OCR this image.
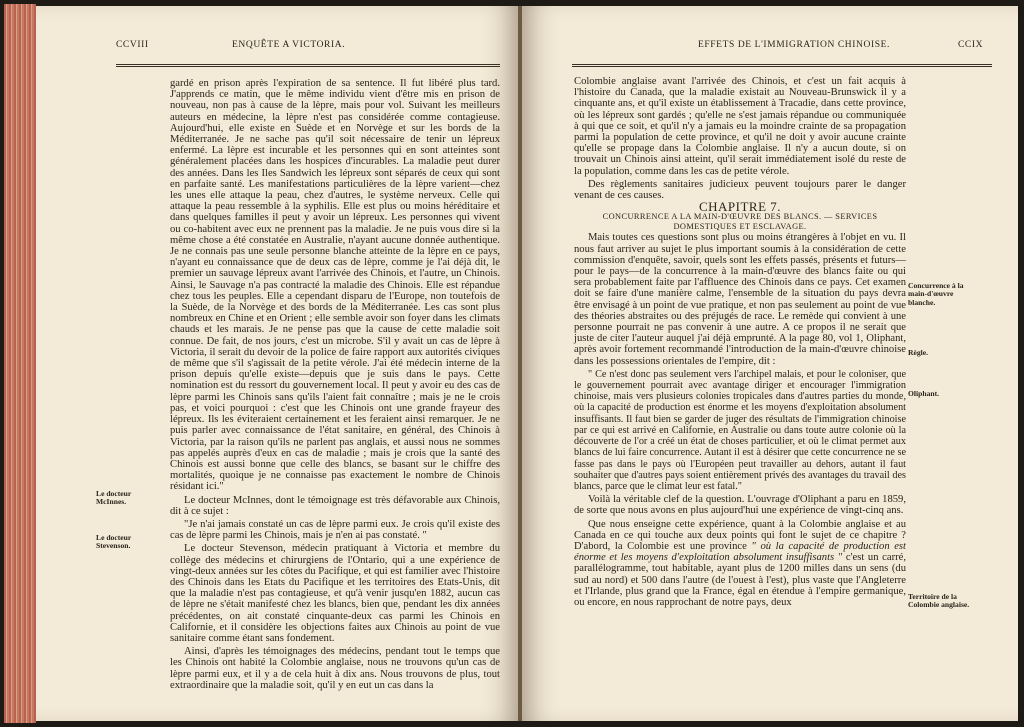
CCVIII	ENQUÊTE A VICTORIA.
Le docteur McInnes.
Le docteur Stevenson.

gardé en prison après l'expiration de sa sentence. Il fut libéré plus tard. J'apprends ce matin, que le même individu vient d'être mis en prison de nouveau, non pas à cause de la lèpre, mais pour vol. Suivant les meilleurs auteurs en médecine, la lèpre n'est pas considérée comme contagieuse. Aujourd'hui, elle existe en Suède et en Norvège et sur les bords de la Méditerranée. Je ne sache pas qu'il soit nécessaire de tenir un lépreux enfermé. La lèpre est incurable et les personnes qui en sont atteintes sont généralement placées dans les hospices d'incurables. La maladie peut durer des années. Dans les Iles Sandwich les lépreux sont séparés de ceux qui sont en parfaite santé. Les manifestations particulières de la lèpre varient—chez les unes elle attaque la peau, chez d'autres, le système nerveux. Celle qui attaque la peau ressemble à la syphilis. Elle est plus ou moins héréditaire et dans quelques familles il peut y avoir un lépreux. Les personnes qui vivent ou co-habitent avec eux ne prennent pas la maladie. Je ne puis vous dire si la même chose a été constatée en Australie, n'ayant aucune donnée authentique. Je ne connais pas une seule personne blanche atteinte de la lèpre en ce pays, n'ayant eu connaissance que de deux cas de lèpre, comme je l'ai déjà dit, le premier un sauvage lépreux avant l'arrivée des Chinois, et l'autre, un Chinois. Ainsi, le Sauvage n'a pas contracté la maladie des Chinois. Elle est répandue chez tous les peuples. Elle a cependant disparu de l'Europe, non toutefois de la Suède, de la Norvège et des bords de la Méditerranée. Les cas sont plus nombreux en Chine et en Orient ; elle semble avoir son foyer dans les climats chauds et les marais. Je ne pense pas que la cause de cette maladie soit connue. De fait, de nos jours, c'est un microbe. S'il y avait un cas de lèpre à Victoria, il serait du devoir de la police de faire rapport aux autorités civiques de même que s'il s'agissait de la petite vérole. J'ai été médecin interne de la prison depuis qu'elle existe—depuis que je suis dans le pays. Cette nomination est du ressort du gouvernement local. Il peut y avoir eu des cas de lèpre parmi les Chinois sans qu'ils l'aient fait connaître ; mais je ne le crois pas, et voici pourquoi : c'est que les Chinois ont une grande frayeur des lépreux. Ils les éviteraient certainement et les feraient ainsi remarquer. Je ne puis parler avec connaissance de l'état sanitaire, en général, des Chinois à Victoria, par la raison qu'ils ne parlent pas anglais, et aussi nous ne sommes pas appelés auprès d'eux en cas de maladie ; mais je crois que la santé des Chinois est aussi bonne que celle des blancs, se basant sur le chiffre des mortalités, quoique je ne connaisse pas exactement le nombre de Chinois résidant ici."

Le docteur McInnes, dont le témoignage est très défavorable aux Chinois, dit à ce sujet :

"Je n'ai jamais constaté un cas de lèpre parmi eux. Je crois qu'il existe des cas de lèpre parmi les Chinois, mais je n'en ai pas constaté. "

Le docteur Stevenson, médecin pratiquant à Victoria et membre du collège des médecins et chirurgiens de l'Ontario, qui a une expérience de vingt-deux années sur les côtes du Pacifique, et qui est familier avec l'histoire des Chinois dans les Etats du Pacifique et les territoires des Etats-Unis, dit que la maladie n'est pas contagieuse, et qu'à venir jusqu'en 1882, aucun cas de lèpre ne s'était manifesté chez les blancs, bien que, pendant les dix années précédentes, on ait constaté cinquante-deux cas parmi les Chinois en Californie, et il considère les objections faites aux Chinois au point de vue sanitaire comme étant sans fondement.

Ainsi, d'après les témoignages des médecins, pendant tout le temps que les Chinois ont habité la Colombie anglaise, nous ne trouvons qu'un cas de lèpre parmi eux, et il y a de cela huit à dix ans. Nous trouvons de plus, tout extraordinaire que la maladie soit, qu'il y en eut un cas dans la

EFFETS DE L'IMMIGRATION CHINOISE.	CCIX
Concurrence à la main-d'œuvre blanche.
Règle.
Oliphant.
Territoire de la Colombie anglaise.

Colombie anglaise avant l'arrivée des Chinois, et c'est un fait acquis à l'histoire du Canada, que la maladie existait au Nouveau-Brunswick il y a cinquante ans, et qu'il existe un établissement à Tracadie, dans cette province, où les lépreux sont gardés ; qu'elle ne s'est jamais répandue ou communiquée à qui que ce soit, et qu'il n'y a jamais eu la moindre crainte de sa propagation parmi la population de cette province, et qu'il ne doit y avoir aucune crainte qu'elle se propage dans la Colombie anglaise. Il n'y a aucun doute, si on trouvait un Chinois ainsi atteint, qu'il serait immédiatement isolé du reste de la population, comme dans les cas de petite vérole.

Des règlements sanitaires judicieux peuvent toujours parer le danger venant de ces causes.

CHAPITRE 7.

CONCURRENCE A LA MAIN-D'ŒUVRE DES BLANCS. — SERVICES DOMESTIQUES ET ESCLAVAGE.

Mais toutes ces questions sont plus ou moins étrangères à l'objet en vu. Il nous faut arriver au sujet le plus important soumis à la considération de cette commission d'enquête, savoir, quels sont les effets passés, présents et futurs—pour le pays—de la concurrence à la main-d'œuvre des blancs faite ou qui sera probablement faite par l'affluence des Chinois dans ce pays. Cet examen doit se faire d'une manière calme, l'ensemble de la situation du pays devra être envisagé à un point de vue pratique, et non pas seulement au point de vue des théories abstraites ou des préjugés de race. Le remède qui convient à une personne pourrait ne pas convenir à une autre. A ce propos il ne serait que juste de citer l'auteur auquel j'ai déjà emprunté. A la page 80, vol 1, Oliphant, après avoir fortement recommandé l'introduction de la main-d'œuvre chinoise dans les possessions orientales de l'empire, dit :

" Ce n'est donc pas seulement vers l'archipel malais, et pour le coloniser, que le gouvernement pourrait avec avantage diriger et encourager l'immigration chinoise, mais vers plusieurs colonies tropicales dans d'autres parties du monde, où la capacité de production est énorme et les moyens d'exploitation absolument insuffisants. Il faut bien se garder de juger des résultats de l'immigration chinoise par ce qui est arrivé en Californie, en Australie ou dans toute autre colonie où la découverte de l'or a créé un état de choses particulier, et où le climat permet aux blancs de lui faire concurrence. Autant il est à désirer que cette concurrence ne se fasse pas dans le pays où l'Européen peut travailler au dehors, autant il faut souhaiter que d'autres pays soient entièrement privés des avantages du travail des blancs, parce que le climat leur est fatal."

Voilà la véritable clef de la question. L'ouvrage d'Oliphant a paru en 1859, de sorte que nous avons en plus aujourd'hui une expérience de vingt-cinq ans.

Que nous enseigne cette expérience, quant à la Colombie anglaise et au Canada en ce qui touche aux deux points qui font le sujet de ce chapitre ? D'abord, la Colombie est une province " où la capacité de production est énorme et les moyens d'exploitation absolument insuffisants " c'est un carré, parallélogramme, tout habitable, ayant plus de 1200 milles dans un sens (du sud au nord) et 500 dans l'autre (de l'ouest à l'est), plus vaste que l'Angleterre et l'Irlande, plus grand que la France, égal en étendue à l'empire germanique, ou encore, en nous rapprochant de notre pays, deux
